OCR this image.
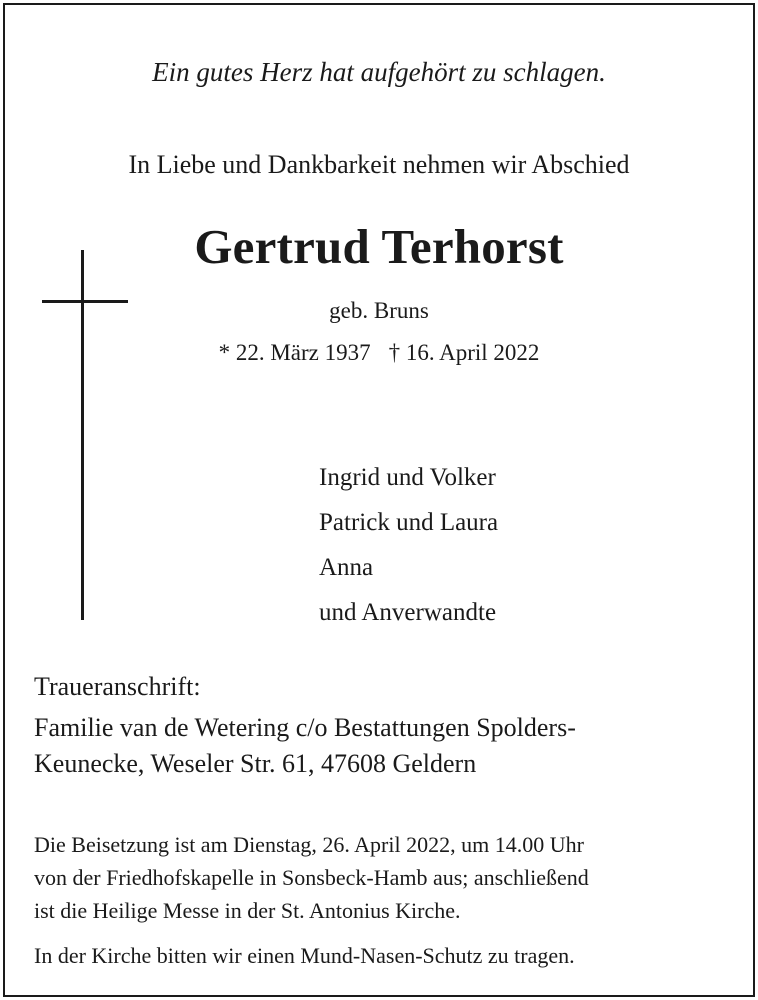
Ein gutes Herz hat aufgehört zu schlagen.
In Liebe und Dankbarkeit nehmen wir Abschied
Gertrud Terhorst
geb. Bruns
* 22. März 1937 † 16. April 2022
Ingrid und Volker
Patrick und Laura
Anna
und Anverwandte
Traueranschrift:
Familie van de Wetering c/o Bestattungen Spolders-
Keunecke, Weseler Str. 61, 47608 Geldern
Die Beisetzung ist am Dienstag, 26. April 2022, um 14.00 Uhr
von der Friedhofskapelle in Sonsbeck-Hamb aus; anschließend
ist die Heilige Messe in der St. Antonius Kirche.
In der Kirche bitten wir einen Mund-Nasen-Schutz zu tragen.
